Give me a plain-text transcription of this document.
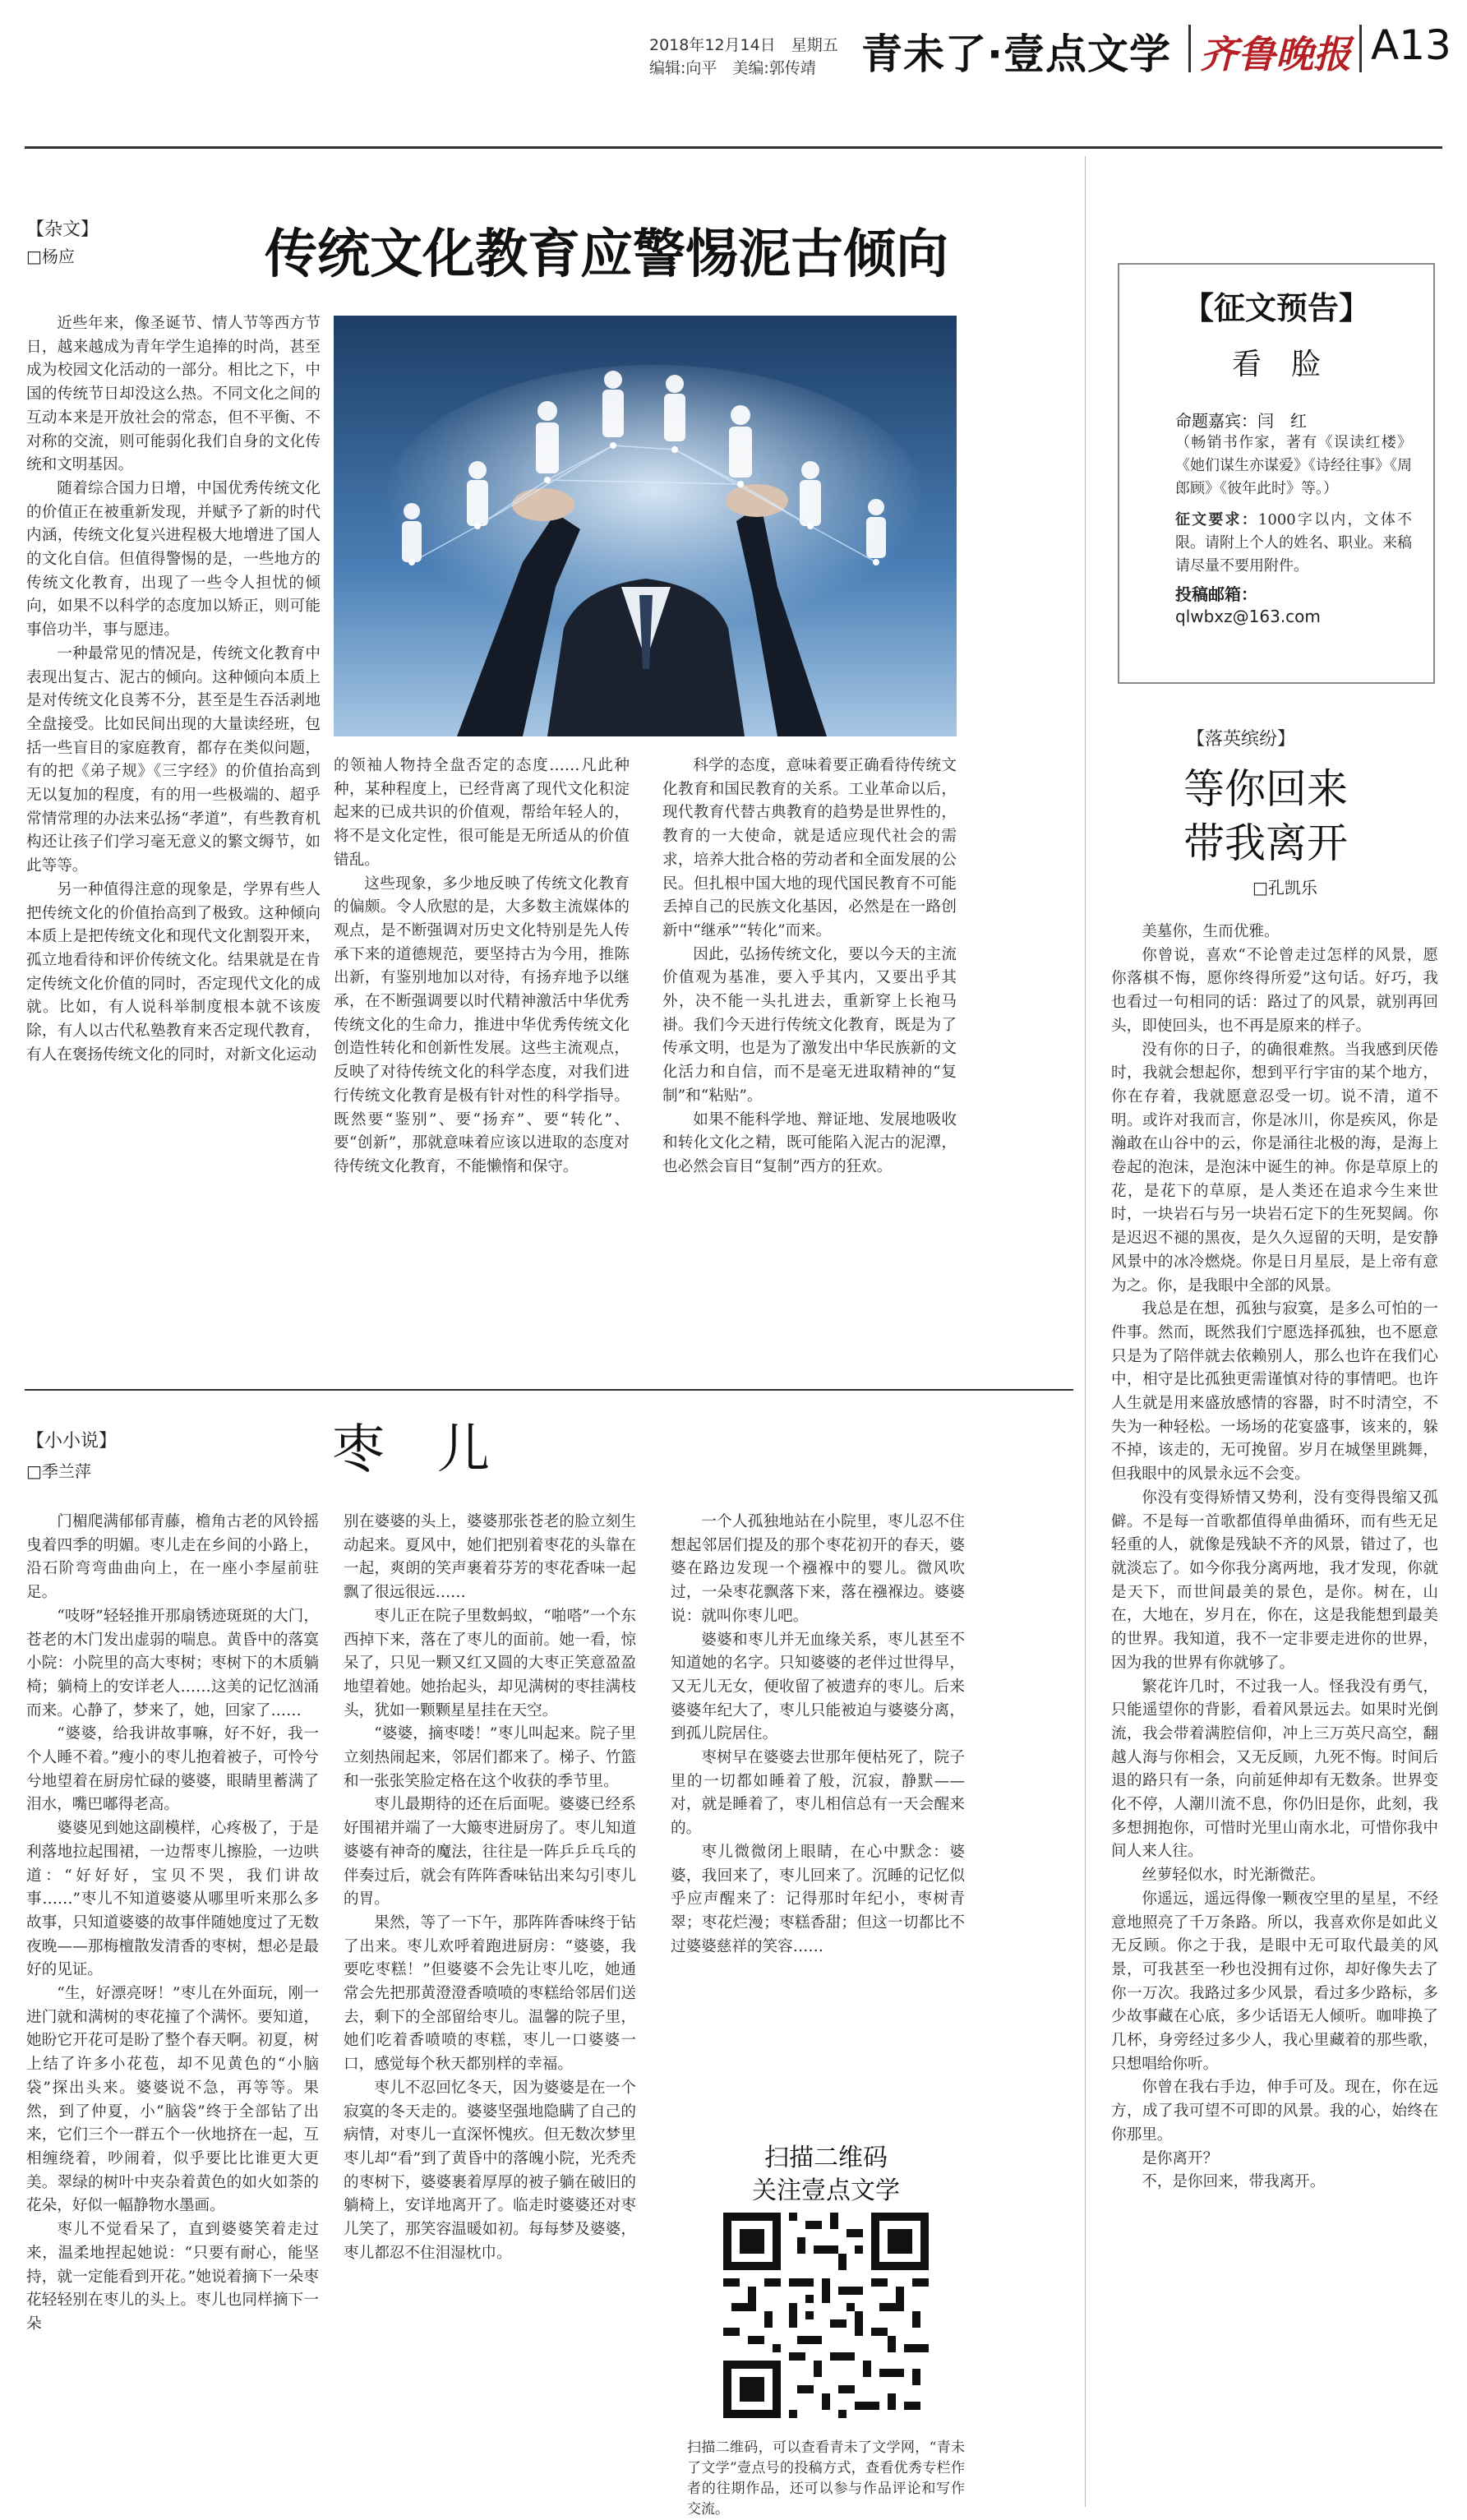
2018年12月14日　星期五
编辑:向平　美编:郭传靖 青未了·壹点文学 齐鲁晚报 A13
【杂文】
□杨应	传统文化教育应警惕泥古倾向

近些年来，像圣诞节、情人节等西方节日，越来越成为青年学生追捧的时尚，甚至成为校园文化活动的一部分。相比之下，中国的传统节日却没这么热。不同文化之间的互动本来是开放社会的常态，但不平衡、不对称的交流，则可能弱化我们自身的文化传统和文明基因。

随着综合国力日增，中国优秀传统文化的价值正在被重新发现，并赋予了新的时代内涵，传统文化复兴进程极大地增进了国人的文化自信。但值得警惕的是，一些地方的传统文化教育，出现了一些令人担忧的倾向，如果不以科学的态度加以矫正，则可能事倍功半，事与愿违。

一种最常见的情况是，传统文化教育中表现出复古、泥古的倾向。这种倾向本质上是对传统文化良莠不分，甚至是生吞活剥地全盘接受。比如民间出现的大量读经班，包括一些盲目的家庭教育，都存在类似问题，有的把《弟子规》《三字经》的价值抬高到无以复加的程度，有的用一些极端的、超乎常情常理的办法来弘扬“孝道”，有些教育机构还让孩子们学习毫无意义的繁文缛节，如此等等。

另一种值得注意的现象是，学界有些人把传统文化的价值抬高到了极致。这种倾向本质上是把传统文化和现代文化割裂开来，孤立地看待和评价传统文化。结果就是在肯定传统文化价值的同时，否定现代文化的成就。比如，有人说科举制度根本就不该废除，有人以古代私塾教育来否定现代教育，有人在褒扬传统文化的同时，对新文化运动

的领袖人物持全盘否定的态度……凡此种种，某种程度上，已经背离了现代文化积淀起来的已成共识的价值观，帮给年轻人的，将不是文化定性，很可能是无所适从的价值错乱。

这些现象，多少地反映了传统文化教育的偏颇。令人欣慰的是，大多数主流媒体的观点，是不断强调对历史文化特别是先人传承下来的道德规范，要坚持古为今用，推陈出新，有鉴别地加以对待，有扬弃地予以继承，在不断强调要以时代精神激活中华优秀传统文化的生命力，推进中华优秀传统文化创造性转化和创新性发展。这些主流观点，反映了对待传统文化的科学态度，对我们进行传统文化教育是极有针对性的科学指导。既然要“鉴别”、要“扬弃”、要“转化”、要“创新”，那就意味着应该以进取的态度对待传统文化教育，不能懒惰和保守。

科学的态度，意味着要正确看待传统文化教育和国民教育的关系。工业革命以后，现代教育代替古典教育的趋势是世界性的，教育的一大使命，就是适应现代社会的需求，培养大批合格的劳动者和全面发展的公民。但扎根中国大地的现代国民教育不可能丢掉自己的民族文化基因，必然是在一路创新中“继承”“转化”而来。

因此，弘扬传统文化，要以今天的主流价值观为基准，要入乎其内，又要出乎其外，决不能一头扎进去，重新穿上长袍马褂。我们今天进行传统文化教育，既是为了传承文明，也是为了激发出中华民族新的文化活力和自信，而不是毫无进取精神的“复制”和“粘贴”。

如果不能科学地、辩证地、发展地吸收和转化文化之精，既可能陷入泥古的泥潭，也必然会盲目“复制”西方的狂欢。

【征文预告】
看　脸
命题嘉宾：闫　红
（畅销书作家，著有《误读红楼》《她们谋生亦谋爱》《诗经往事》《周郎顾》《彼年此时》等。）
征文要求：1000字以内，文体不限。请附上个人的姓名、职业。来稿请尽量不要用附件。
投稿邮箱：
qlwbxz@163.com
【落英缤纷】
等你回来
带我离开
□孔凯乐

美墓你，生而优雅。

你曾说，喜欢“不论曾走过怎样的风景，愿你落棋不悔，愿你终得所爱”这句话。好巧，我也看过一句相同的话：路过了的风景，就别再回头，即使回头，也不再是原来的样子。

没有你的日子，的确很难熬。当我感到厌倦时，我就会想起你，想到平行宇宙的某个地方，你在存着，我就愿意忍受一切。说不清，道不明。或许对我而言，你是冰川，你是疾风，你是瀚敢在山谷中的云，你是涌往北极的海，是海上卷起的泡沫，是泡沫中诞生的神。你是草原上的花，是花下的草原，是人类还在追求今生来世时，一块岩石与另一块岩石定下的生死契阔。你是迟迟不褪的黑夜，是久久逗留的天明，是安静风景中的冰冷燃烧。你是日月星辰，是上帝有意为之。你，是我眼中全部的风景。

我总是在想，孤独与寂寞，是多么可怕的一件事。然而，既然我们宁愿选择孤独，也不愿意只是为了陪伴就去依赖别人，那么也许在我们心中，相守是比孤独更需谨慎对待的事情吧。也许人生就是用来盛放感情的容器，时不时清空，不失为一种轻松。一场场的花宴盛事，该来的，躲不掉，该走的，无可挽留。岁月在城堡里跳舞，但我眼中的风景永远不会变。

你没有变得矫情又势利，没有变得畏缩又孤僻。不是每一首歌都值得单曲循环，而有些无足轻重的人，就像是残缺不齐的风景，错过了，也就淡忘了。如今你我分离两地，我才发现，你就是天下，而世间最美的景色，是你。树在，山在，大地在，岁月在，你在，这是我能想到最美的世界。我知道，我不一定非要走进你的世界，因为我的世界有你就够了。

繁花许几时，不过我一人。怪我没有勇气，只能遥望你的背影，看着风景远去。如果时光倒流，我会带着满腔信仰，冲上三万英尺高空，翻越人海与你相会，又无反顾，九死不悔。时间后退的路只有一条，向前延伸却有无数条。世界变化不停，人潮川流不息，你仍旧是你，此刻，我多想拥抱你，可惜时光里山南水北，可惜你我中间人来人往。

丝萝轻似水，时光渐微茫。

你遥远，遥远得像一颗夜空里的星星，不经意地照亮了千万条路。所以，我喜欢你是如此义无反顾。你之于我，是眼中无可取代最美的风景，可我甚至一秒也没拥有过你，却好像失去了你一万次。我路过多少风景，看过多少路标，多少故事藏在心底，多少话语无人倾听。咖啡换了几杯，身旁经过多少人，我心里藏着的那些歌，只想唱给你听。

你曾在我右手边，伸手可及。现在，你在远方，成了我可望不可即的风景。我的心，始终在你那里。

是你离开？

不，是你回来，带我离开。

【小小说】
□季兰萍	枣　儿

门楣爬满郁郁青藤，檐角古老的风铃摇曳着四季的明媚。枣儿走在乡间的小路上，沿石阶弯弯曲曲向上，在一座小李屋前驻足。

“吱呀”轻轻推开那扇锈迹斑斑的大门，苍老的木门发出虚弱的喘息。黄昏中的落寞小院：小院里的高大枣树；枣树下的木质躺椅；躺椅上的安详老人……这美的记忆汹涌而来。心静了，梦来了，她，回家了……

“婆婆，给我讲故事嘛，好不好，我一个人睡不着。”瘦小的枣儿抱着被子，可怜兮兮地望着在厨房忙碌的婆婆，眼睛里蓄满了泪水，嘴巴嘟得老高。

婆婆见到她这副模样，心疼极了，于是利落地拉起围裙，一边帮枣儿擦脸，一边哄道：“好好好，宝贝不哭，我们讲故事……”枣儿不知道婆婆从哪里听来那么多故事，只知道婆婆的故事伴随她度过了无数夜晚——那梅檀散发清香的枣树，想必是最好的见证。

“生，好漂亮呀！”枣儿在外面玩，刚一进门就和满树的枣花撞了个满怀。要知道，她盼它开花可是盼了整个春天啊。初夏，树上结了许多小花苞，却不见黄色的“小脑袋”探出头来。婆婆说不急，再等等。果然，到了仲夏，小“脑袋”终于全部钻了出来，它们三个一群五个一伙地挤在一起，互相缠绕着，吵闹着，似乎要比比谁更大更美。翠绿的树叶中夹杂着黄色的如火如荼的花朵，好似一幅静物水墨画。

枣儿不觉看呆了，直到婆婆笑着走过来，温柔地捏起她说：“只要有耐心，能坚持，就一定能看到开花。”她说着摘下一朵枣花轻轻别在枣儿的头上。枣儿也同样摘下一朵

别在婆婆的头上，婆婆那张苍老的脸立刻生动起来。夏风中，她们把别着枣花的头靠在一起，爽朗的笑声裹着芬芳的枣花香味一起飘了很远很远……

枣儿正在院子里数蚂蚁，“啪嗒”一个东西掉下来，落在了枣儿的面前。她一看，惊呆了，只见一颗又红又圆的大枣正笑意盈盈地望着她。她抬起头，却见满树的枣挂满枝头，犹如一颗颗星星挂在天空。

“婆婆，摘枣喽！”枣儿叫起来。院子里立刻热闹起来，邻居们都来了。梯子、竹篮和一张张笑脸定格在这个收获的季节里。

枣儿最期待的还在后面呢。婆婆已经系好围裙并端了一大簸枣进厨房了。枣儿知道婆婆有神奇的魔法，往往是一阵乒乒乓乓的伴奏过后，就会有阵阵香味钻出来勾引枣儿的胃。

果然，等了一下午，那阵阵香味终于钻了出来。枣儿欢呼着跑进厨房：“婆婆，我要吃枣糕！”但婆婆不会先让枣儿吃，她通常会先把那黄澄澄香喷喷的枣糕给邻居们送去，剩下的全部留给枣儿。温馨的院子里，她们吃着香喷喷的枣糕，枣儿一口婆婆一口，感觉每个秋天都别样的幸福。

枣儿不忍回忆冬天，因为婆婆是在一个寂寞的冬天走的。婆婆坚强地隐瞒了自己的病情，对枣儿一直深怀愧疚。但无数次梦里枣儿却“看”到了黄昏中的落魄小院，光秃秃的枣树下，婆婆裹着厚厚的被子躺在破旧的躺椅上，安详地离开了。临走时婆婆还对枣儿笑了，那笑容温暖如初。每每梦及婆婆，枣儿都忍不住泪湿枕巾。

一个人孤独地站在小院里，枣儿忍不住想起邻居们提及的那个枣花初开的春天，婆婆在路边发现一个襁褓中的婴儿。微风吹过，一朵枣花飘落下来，落在襁褓边。婆婆说：就叫你枣儿吧。

婆婆和枣儿并无血缘关系，枣儿甚至不知道她的名字。只知婆婆的老伴过世得早，又无儿无女，便收留了被遗弃的枣儿。后来婆婆年纪大了，枣儿只能被迫与婆婆分离，到孤儿院居住。

枣树早在婆婆去世那年便枯死了，院子里的一切都如睡着了般，沉寂，静默——对，就是睡着了，枣儿相信总有一天会醒来的。

枣儿微微闭上眼睛，在心中默念：婆婆，我回来了，枣儿回来了。沉睡的记忆似乎应声醒来了：记得那时年纪小，枣树青翠；枣花烂漫；枣糕香甜；但这一切都比不过婆婆慈祥的笑容……

扫描二维码
关注壹点文学
扫描二维码，可以查看青未了文学网，“青未了文学”壹点号的投稿方式，查看优秀专栏作者的往期作品，还可以参与作品评论和写作交流。
